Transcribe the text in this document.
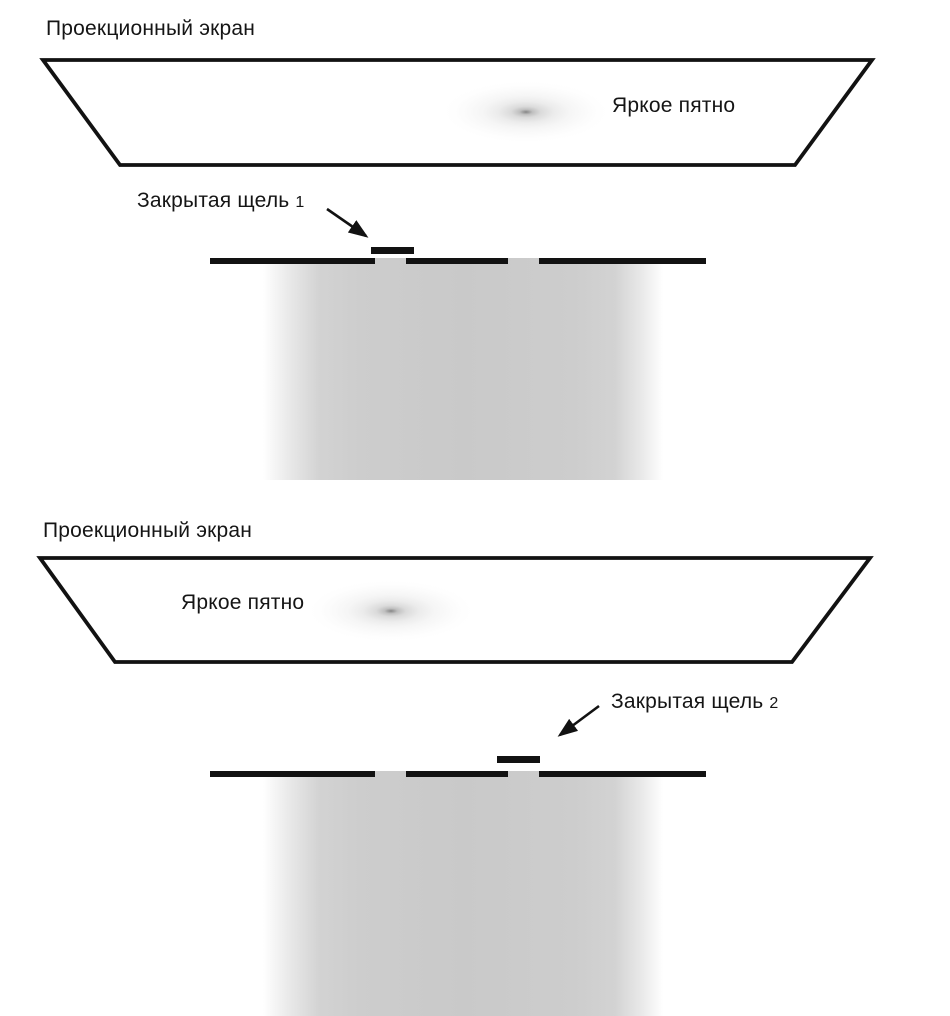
Проекционный экран
Яркое пятно
Закрытая щель 1
Проекционный экран
Яркое пятно
Закрытая щель 2
